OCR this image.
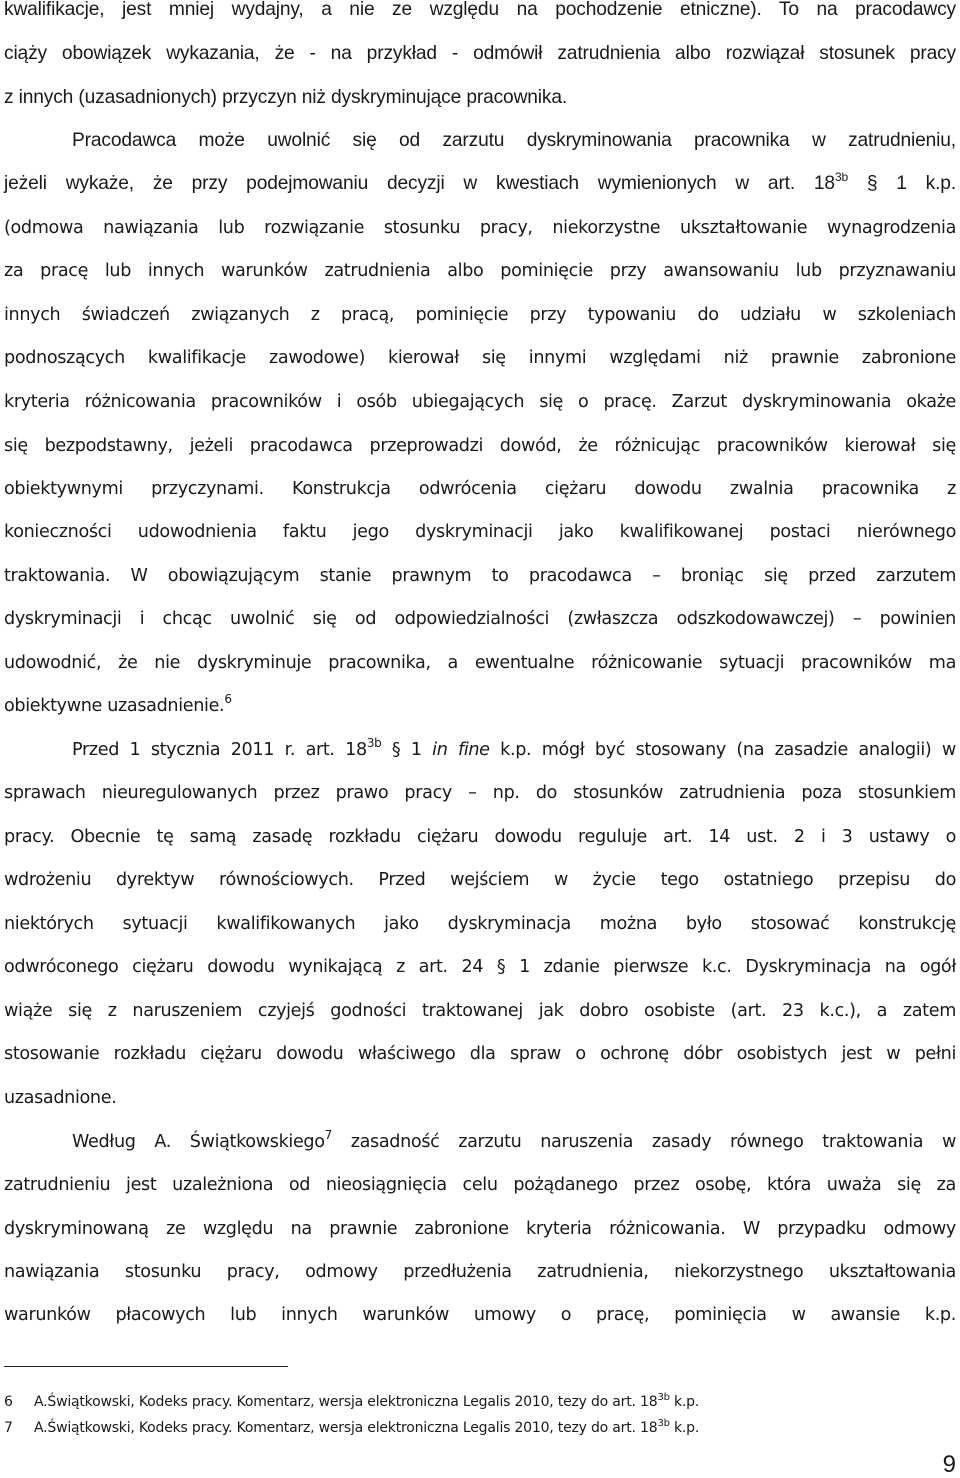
kwalifikacje, jest mniej wydajny, a nie ze względu na pochodzenie etniczne). To na pracodawcy
ciąży obowiązek wykazania, że - na przykład - odmówił zatrudnienia albo rozwiązał stosunek pracy
z innych (uzasadnionych) przyczyn niż dyskryminujące pracownika.
Pracodawca może uwolnić się od zarzutu dyskryminowania pracownika w zatrudnieniu,
jeżeli wykaże, że przy podejmowaniu decyzji w kwestiach wymienionych w art. $18^{3b}$ § 1 k.p.
(odmowa nawiązania lub rozwiązanie stosunku pracy, niekorzystne ukształtowanie wynagrodzenia
za pracę lub innych warunków zatrudnienia albo pominięcie przy awansowaniu lub przyznawaniu
innych świadczeń związanych z pracą, pominięcie przy typowaniu do udziału w szkoleniach
podnoszących kwalifikacje zawodowe) kierował się innymi względami niż prawnie zabronione
kryteria różnicowania pracowników i osób ubiegających się o pracę. Zarzut dyskryminowania okaże
się bezpodstawny, jeżeli pracodawca przeprowadzi dowód, że różnicując pracowników kierował się
obiektywnymi przyczynami. Konstrukcja odwrócenia ciężaru dowodu zwalnia pracownika z
konieczności udowodnienia faktu jego dyskryminacji jako kwalifikowanej postaci nierównego
traktowania. W obowiązującym stanie prawnym to pracodawca – broniąc się przed zarzutem
dyskryminacji i chcąc uwolnić się od odpowiedzialności (zwłaszcza odszkodowawczej) – powinien
udowodnić, że nie dyskryminuje pracownika, a ewentualne różnicowanie sytuacji pracowników ma
obiektywne uzasadnienie.$^6$
Przed 1 stycznia 2011 r. art. $18^{3b}$ § 1 in fine k.p. mógł być stosowany (na zasadzie analogii) w
sprawach nieuregulowanych przez prawo pracy – np. do stosunków zatrudnienia poza stosunkiem
pracy. Obecnie tę samą zasadę rozkładu ciężaru dowodu reguluje art. 14 ust. 2 i 3 ustawy o
wdrożeniu dyrektyw równościowych. Przed wejściem w życie tego ostatniego przepisu do
niektórych sytuacji kwalifikowanych jako dyskryminacja można było stosować konstrukcję
odwróconego ciężaru dowodu wynikającą z art. 24 § 1 zdanie pierwsze k.c. Dyskryminacja na ogół
wiąże się z naruszeniem czyjejś godności traktowanej jak dobro osobiste (art. 23 k.c.), a zatem
stosowanie rozkładu ciężaru dowodu właściwego dla spraw o ochronę dóbr osobistych jest w pełni
uzasadnione.
Według A. Świątkowskiego$^7$ zasadność zarzutu naruszenia zasady równego traktowania w
zatrudnieniu jest uzależniona od nieosiągnięcia celu pożądanego przez osobę, która uważa się za
dyskryminowaną ze względu na prawnie zabronione kryteria różnicowania. W przypadku odmowy
nawiązania stosunku pracy, odmowy przedłużenia zatrudnienia, niekorzystnego ukształtowania
warunków płacowych lub innych warunków umowy o pracę, pominięcia w awansie k.p.
6 A.Świątkowski, Kodeks pracy. Komentarz, wersja elektroniczna Legalis 2010, tezy do art. $18^{3b}$ k.p.
7 A.Świątkowski, Kodeks pracy. Komentarz, wersja elektroniczna Legalis 2010, tezy do art. $18^{3b}$ k.p.
9
